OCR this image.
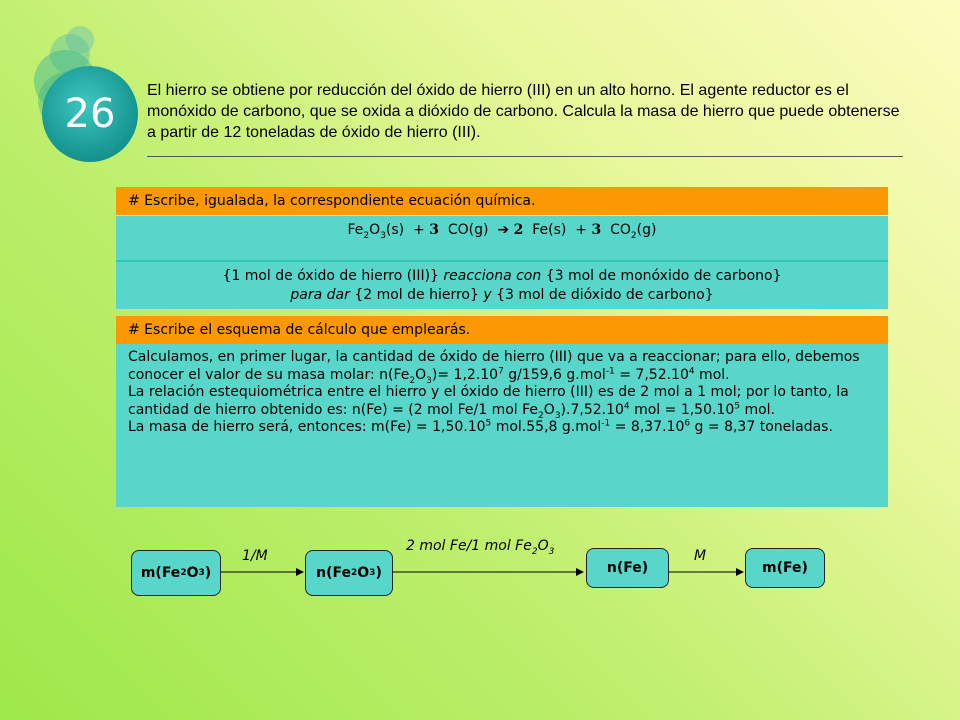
26
El hierro se obtiene por reducción del óxido de hierro (III) en un alto horno. El agente reductor es el monóxido de carbono, que se oxida a dióxido de carbono. Calcula la masa de hierro que puede obtenerse a partir de 12 toneladas de óxido de hierro (III).
# Escribe, igualada, la correspondiente ecuación química.
$Fe_2O_3(s) + 3$ CO(g) ➔ 2 Fe(s)  + 3 $CO_2(g)$
{1 mol de óxido de hierro (III)} reacciona con {3 mol de monóxido de carbono}
para dar {2 mol de hierro} y {3 mol de dióxido de carbono}
# Escribe el esquema de cálculo que emplearás.
Calculamos, en primer lugar, la cantidad de óxido de hierro (III) que va a reaccionar; para ello, debemos conocer el valor de su masa molar: $n(Fe_2O_3)= 1,2.10^7$ g/159,6 $g.mol^{-1} = 7,52.10^4$ mol.
La relación estequiométrica entre el hierro y el óxido de hierro (III) es de 2 mol a 1 mol; por lo tanto, la cantidad de hierro obtenido es: n(Fe) = (2 mol Fe/1 mol $Fe_2O_3).7,52.10^4$ mol = $1,50.10^5$ mol.
La masa de hierro será, entonces: $m(Fe) = 1,50.10^5$ mol.55,8 $g.mol^{-1} = 8,37.10^6$ g = 8,37 toneladas.
m(Fe 2 O 3 )	n(Fe 2 O 3 )	n(Fe)	m(Fe)
1/M
2 mol Fe/1 mol $Fe_2O_3$	M
